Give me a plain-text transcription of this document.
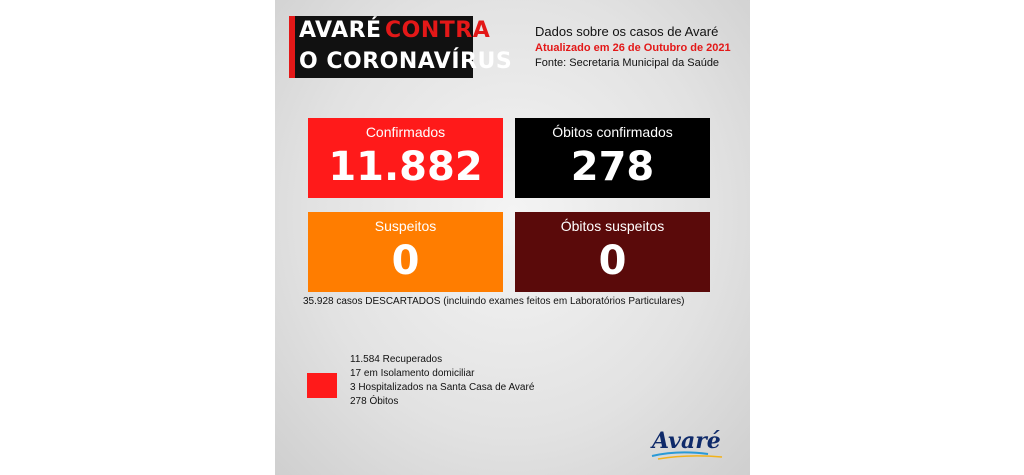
AVARÉ CONTRA
O CORONAVÍRUS
Dados sobre os casos de Avaré
Atualizado em 26 de Outubro de 2021
Fonte: Secretaria Municipal da Saúde
Confirmados
11.882
Óbitos confirmados
278
Suspeitos
0
Óbitos suspeitos
0
35.928 casos DESCARTADOS (incluindo exames feitos em Laboratórios Particulares)
11.584 Recuperados
17 em Isolamento domiciliar
3 Hospitalizados na Santa Casa de Avaré
278 Óbitos
Avaré
